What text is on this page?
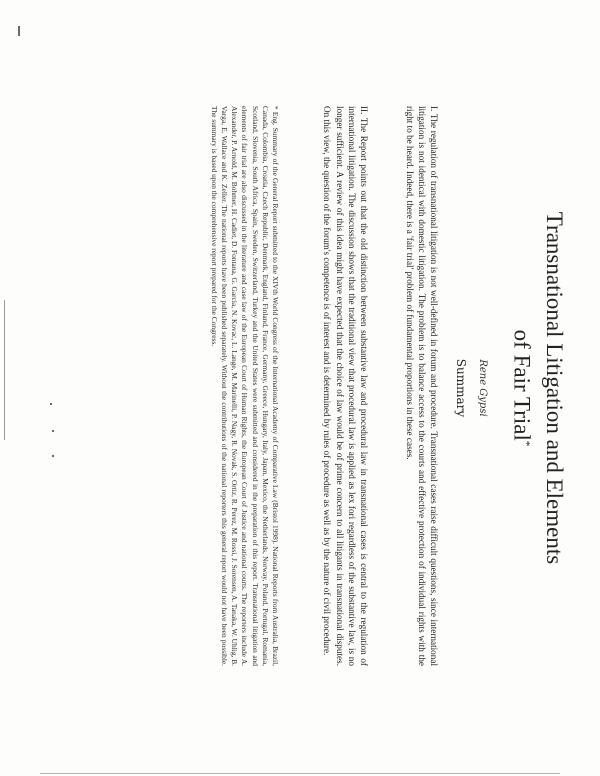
Transnational Litigation and Elements
of Fair Trial*
Rene Gypsi
Summary
I. The regulation of transnational litigation is not well-defined in forum and procedure. Transnational cases raise difficult questions, since international litigation is not identical with domestic litigation. The problem is to balance access to the courts and effective protection of individual rights with the right to be heard. Indeed, there is a 'fair trial' problem of fundamental proportions in these cases.
II. The Report points out that the old distinction between substantive law and procedural law in transnational cases is central to the regulation of international litigation. The discussion shows that the traditional view that procedural law is applied as lex fori regardless of the substantive law, is no longer sufficient. A review of this idea might have expected that the choice of law would be of prime concern to all litigants in transnational disputes. On this view, the question of the forum's competence is of interest and is determined by rules of procedure as well as by the nature of civil procedure.
* Eng. Summary of the General Report submitted to the XIVth World Congress of the International Academy of Comparative Law (Bristol 1998). National Reports from Australia, Brazil, Canada, Colombia, Croatia, Czech Republic, Denmark, England, Finland, France, Germany, Greece, Hungary, Italy, Japan, Mexico, the Netherlands, Norway, Poland, Portugal, Romania, Scotland, Slovenia, South Africa, Spain, Sweden, Switzerland, Turkey and the United States were submitted and considered in the preparation of this report. Transnational litigation and elements of fair trial are also discussed in the literature and case law of the European Court of Human Rights, the European Court of Justice and national courts. The reporters include A. Alexander, P. Arnold, M. Bohmer, H. Cadiet, D. Fontana, G. Garcia, N. Kovac, L. Lange, M. Marinelli, P. Nagy, R. Novak, S. Ortiz, R. Perez, M. Rossi, J. Sorensen, A. Tanaka, W. Uhlig, B. Varga, E. Wallace and K. Zeller. The national reports have been published separately. Without the contributions of the national reporters this general report would not have been possible. The summary is based upon the comprehensive report prepared for the Congress.
